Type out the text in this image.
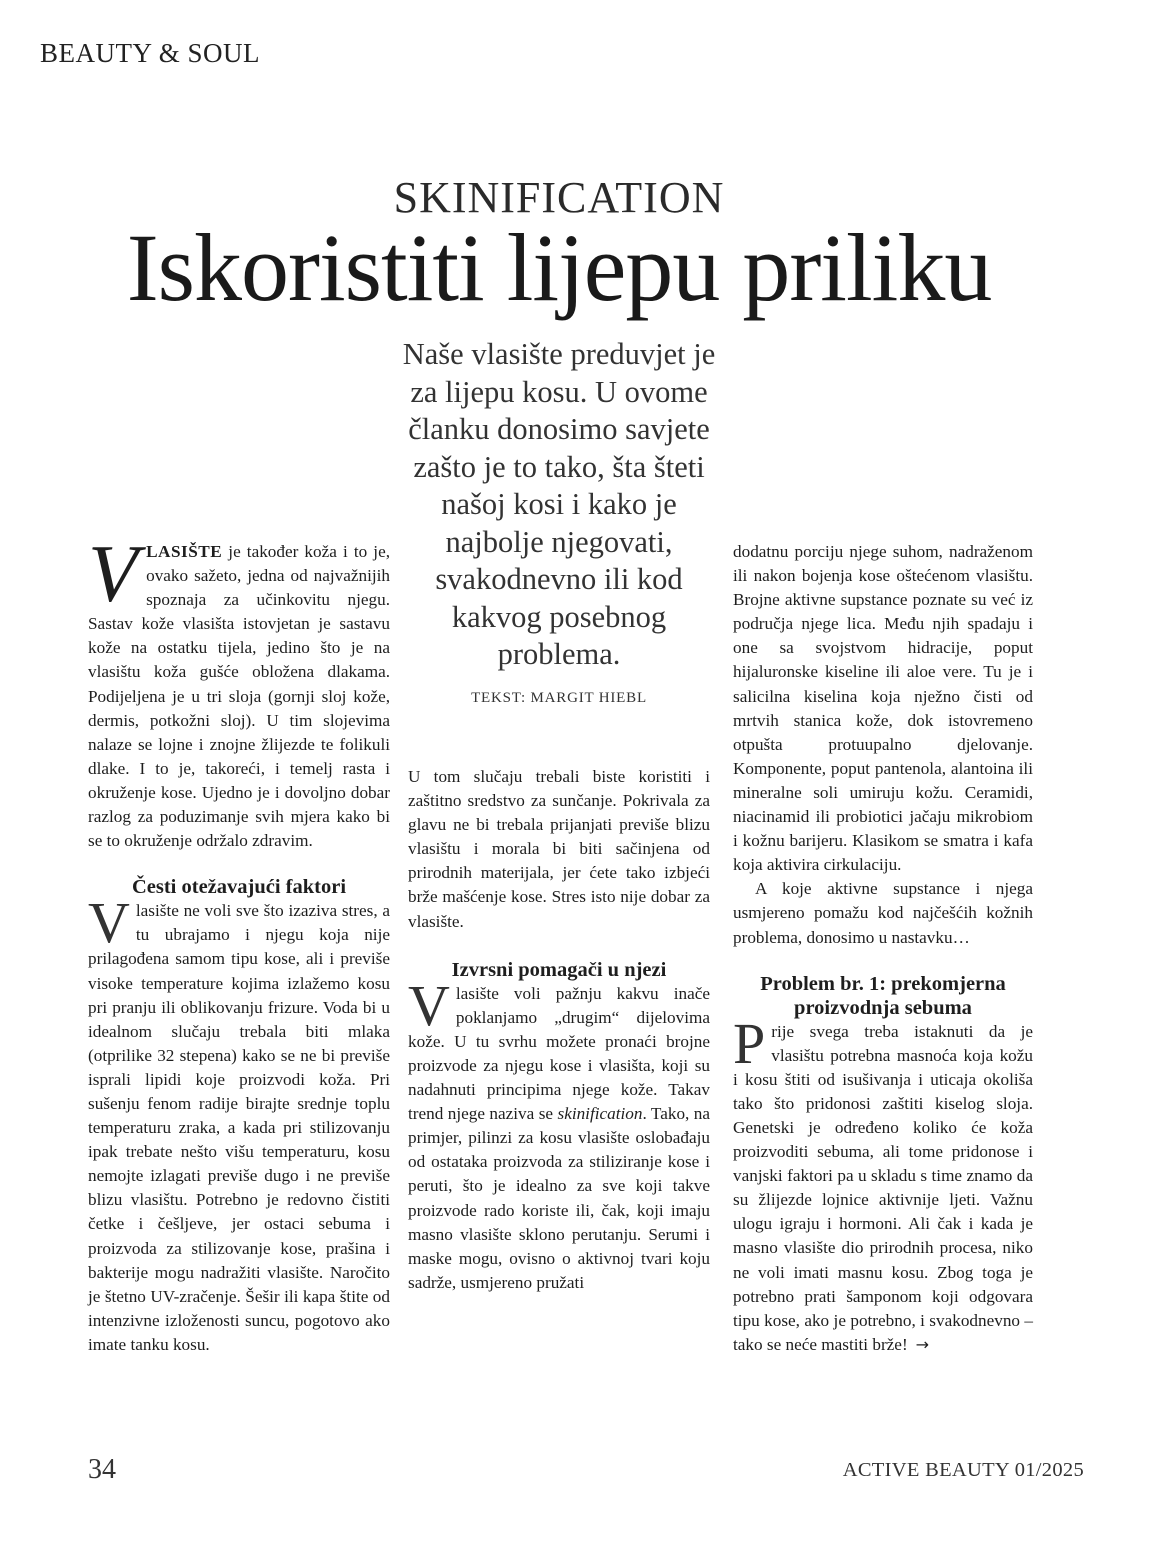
BEAUTY & SOUL
SKINIFICATION
Iskoristiti lijepu priliku
Naše vlasište preduvjet je za lijepu kosu. U ovome članku donosimo savjete zašto je to tako, šta šteti našoj kosi i kako je najbolje njegovati, svakodnevno ili kod kakvog posebnog problema.
TEKST: MARGIT HIEBL

VLASIŠTE je također koža i to je, ovako sažeto, jedna od najvažnijih spoznaja za učinkovitu njegu. Sastav kože vlasišta istovjetan je sastavu kože na ostatku tijela, jedino što je na vlasištu koža gušće obložena dlakama. Podijeljena je u tri sloja (gornji sloj kože, dermis, potkožni sloj). U tim slojevima nalaze se lojne i znojne žlijezde te folikuli dlake. I to je, takoreći, i temelj rasta i okruženje kose. Ujedno je i dovoljno dobar razlog za poduzimanje svih mjera kako bi se to okruženje održalo zdravim.

Česti otežavajući faktori

Vlasište ne voli sve što izaziva stres, a tu ubrajamo i njegu koja nije prilagođena samom tipu kose, ali i previše visoke temperature kojima izlažemo kosu pri pranju ili oblikovanju frizure. Voda bi u idealnom slučaju trebala biti mlaka (otprilike 32 stepena) kako se ne bi previše isprali lipidi koje proizvodi koža. Pri sušenju fenom radije birajte srednje toplu temperaturu zraka, a kada pri stilizovanju ipak trebate nešto višu temperaturu, kosu nemojte izlagati previše dugo i ne previše blizu vlasištu. Potrebno je redovno čistiti četke i češljeve, jer ostaci sebuma i proizvoda za stilizovanje kose, prašina i bakterije mogu nadražiti vlasište. Naročito je štetno UV-zračenje. Šešir ili kapa štite od intenzivne izloženosti suncu, pogotovo ako imate tanku kosu.

U tom slučaju trebali biste koristiti i zaštitno sredstvo za sunčanje. Pokrivala za glavu ne bi trebala prijanjati previše blizu vlasištu i morala bi biti sačinjena od prirodnih materijala, jer ćete tako izbjeći brže mašćenje kose. Stres isto nije dobar za vlasište.

Izvrsni pomagači u njezi

Vlasište voli pažnju kakvu inače poklanjamo „drugim“ dijelovima kože. U tu svrhu možete pronaći brojne proizvode za njegu kose i vlasišta, koji su nadahnuti principima njege kože. Takav trend njege naziva se skinification. Tako, na primjer, pilinzi za kosu vlasište oslobađaju od ostataka proizvoda za stiliziranje kose i peruti, što je idealno za sve koji takve proizvode rado koriste ili, čak, koji imaju masno vlasište sklono perutanju. Serumi i maske mogu, ovisno o aktivnoj tvari koju sadrže, usmjereno pružati

dodatnu porciju njege suhom, nadraženom ili nakon bojenja kose oštećenom vlasištu. Brojne aktivne supstance poznate su već iz područja njege lica. Među njih spadaju i one sa svojstvom hidracije, poput hijaluronske kiseline ili aloe vere. Tu je i salicilna kiselina koja nježno čisti od mrtvih stanica kože, dok istovremeno otpušta protuupalno djelovanje. Komponente, poput pantenola, alantoina ili mineralne soli umiruju kožu. Ceramidi, niacinamid ili probiotici jačaju mikrobiom i kožnu barijeru. Klasikom se smatra i kafa koja aktivira cirkulaciju.

A koje aktivne supstance i njega usmjereno pomažu kod najčešćih kožnih problema, donosimo u nastavku…

Problem br. 1: prekomjerna
proizvodnja sebuma

Prije svega treba istaknuti da je vlasištu potrebna masnoća koja kožu i kosu štiti od isušivanja i uticaja okoliša tako što pridonosi zaštiti kiselog sloja. Genetski je određeno koliko će koža proizvoditi sebuma, ali tome pridonose i vanjski faktori pa u skladu s time znamo da su žlijezde lojnice aktivnije ljeti. Važnu ulogu igraju i hormoni. Ali čak i kada je masno vlasište dio prirodnih procesa, niko ne voli imati masnu kosu. Zbog toga je potrebno prati šamponom koji odgovara tipu kose, ako je potrebno, i svakodnevno – tako se neće mastiti brže! →

34	ACTIVE BEAUTY 01/2025
